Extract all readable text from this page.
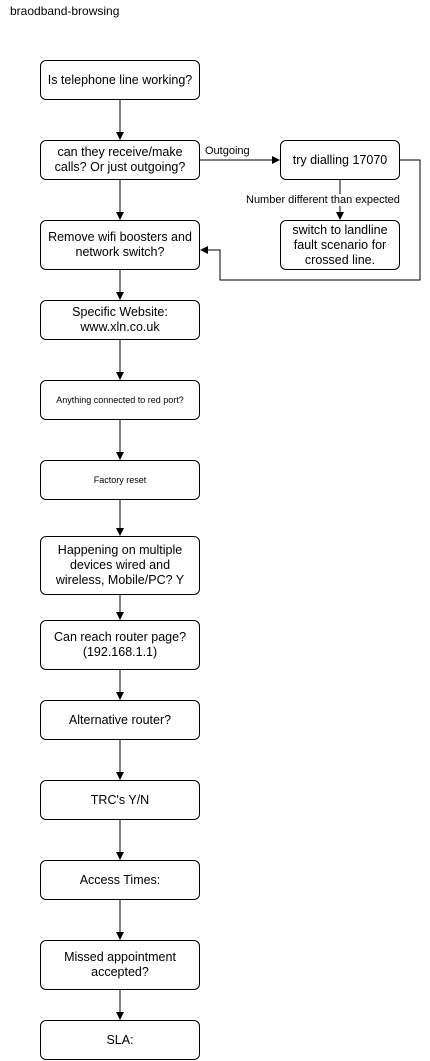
braodband-browsing
Outgoing
Number different than expected
Is telephone line working?
can they receive/make calls? Or just outgoing?
try dialling 17070
switch to landline fault scenario for crossed line.
Remove wifi boosters and network switch?
Specific Website: www.xln.co.uk
Anything connected to red port?
Factory reset
Happening on multiple devices wired and wireless, Mobile/PC? Y
Can reach router page? (192.168.1.1)
Alternative router?
TRC's Y/N
Access Times:
Missed appointment accepted?
SLA:
